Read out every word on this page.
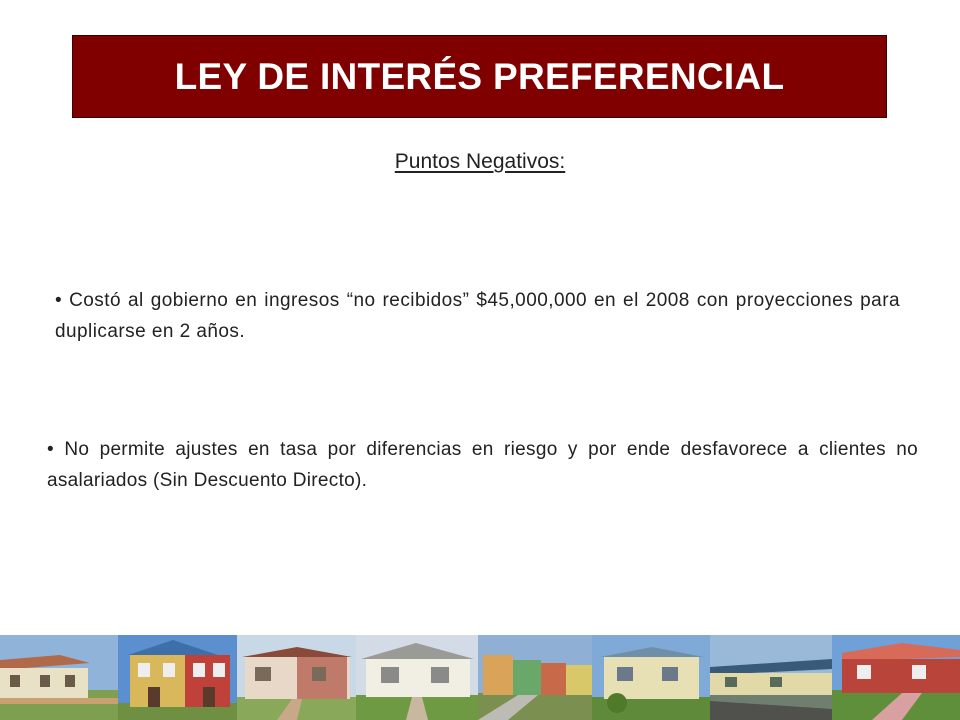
LEY DE INTERÉS PREFERENCIAL
Puntos Negativos:

• Costó al gobierno en ingresos “no recibidos” $45,000,000 en el 2008 con proyecciones para duplicarse en 2 años.

• No permite ajustes en tasa por diferencias en riesgo y por ende desfavorece a clientes no asalariados (Sin Descuento Directo).
